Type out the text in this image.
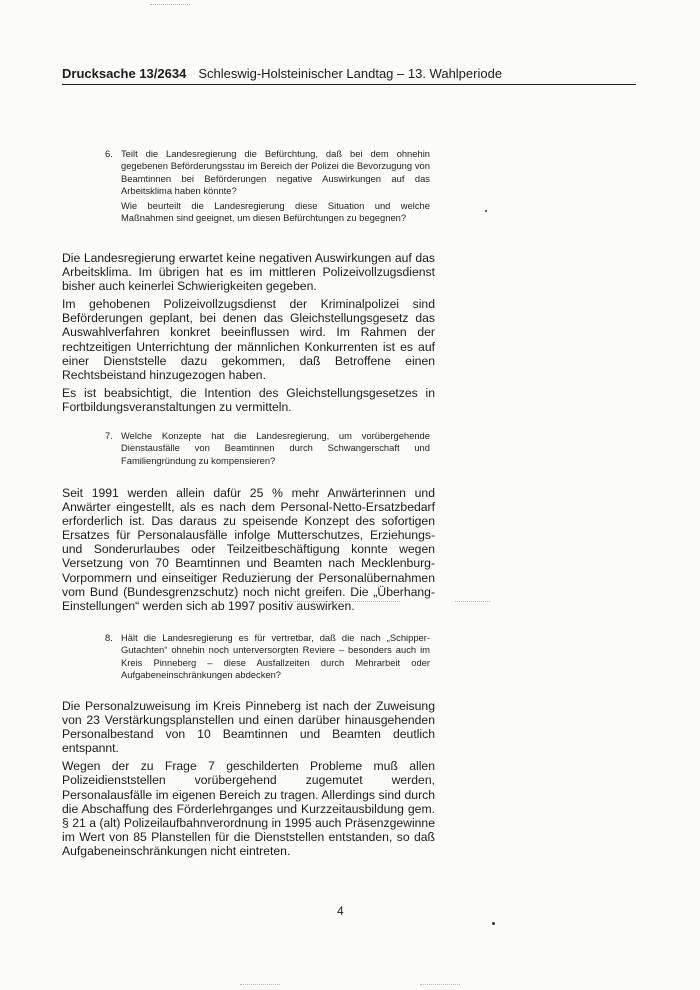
Drucksache 13/2634 Schleswig-Holsteinischer Landtag – 13. Wahlperiode
6. Teilt die Landesregierung die Befürchtung, daß bei dem ohnehin gegebenen Beförderungsstau im Bereich der Polizei die Bevorzugung von Beamtinnen bei Beförderungen negative Auswirkungen auf das Arbeitsklima haben könnte?

Wie beurteilt die Landesregierung diese Situation und welche Maßnahmen sind geeignet, um diesen Befürchtungen zu begegnen?

Die Landesregierung erwartet keine negativen Auswirkungen auf das Arbeitsklima. Im übrigen hat es im mittleren Polizeivollzugsdienst bisher auch keinerlei Schwierigkeiten gegeben.

Im gehobenen Polizeivollzugsdienst der Kriminalpolizei sind Beförderungen geplant, bei denen das Gleichstellungsgesetz das Auswahlverfahren konkret beeinflussen wird. Im Rahmen der rechtzeitigen Unterrichtung der männlichen Konkurrenten ist es auf einer Dienststelle dazu gekommen, daß Betroffene einen Rechtsbeistand hinzugezogen haben.

Es ist beabsichtigt, die Intention des Gleichstellungsgesetzes in Fortbildungsveranstaltungen zu vermitteln.

7. Welche Konzepte hat die Landesregierung, um vorübergehende Dienstausfälle von Beamtinnen durch Schwangerschaft und Familiengründung zu kompensieren?

Seit 1991 werden allein dafür 25 % mehr Anwärterinnen und Anwärter eingestellt, als es nach dem Personal-Netto-Ersatzbedarf erforderlich ist. Das daraus zu speisende Konzept des sofortigen Ersatzes für Personalausfälle infolge Mutterschutzes, Erziehungs- und Sonderurlaubes oder Teilzeitbeschäftigung konnte wegen Versetzung von 70 Beamtinnen und Beamten nach Mecklenburg-Vorpommern und einseitiger Reduzierung der Personalübernahmen vom Bund (Bundesgrenzschutz) noch nicht greifen. Die „Überhang-Einstellungen“ werden sich ab 1997 positiv auswirken.

8. Hält die Landesregierung es für vertretbar, daß die nach „Schipper-Gutachten“ ohnehin noch unterversorgten Reviere – besonders auch im Kreis Pinneberg – diese Ausfallzeiten durch Mehrarbeit oder Aufgabeneinschränkungen abdecken?

Die Personalzuweisung im Kreis Pinneberg ist nach der Zuweisung von 23 Verstärkungsplanstellen und einen darüber hinausgehenden Personalbestand von 10 Beamtinnen und Beamten deutlich entspannt.

Wegen der zu Frage 7 geschilderten Probleme muß allen Polizeidienststellen vorübergehend zugemutet werden, Personalausfälle im eigenen Bereich zu tragen. Allerdings sind durch die Abschaffung des Förderlehrganges und Kurzzeitausbildung gem. § 21 a (alt) Polizeilaufbahnverordnung in 1995 auch Präsenzgewinne im Wert von 85 Planstellen für die Dienststellen entstanden, so daß Aufgabeneinschränkungen nicht eintreten.

4
